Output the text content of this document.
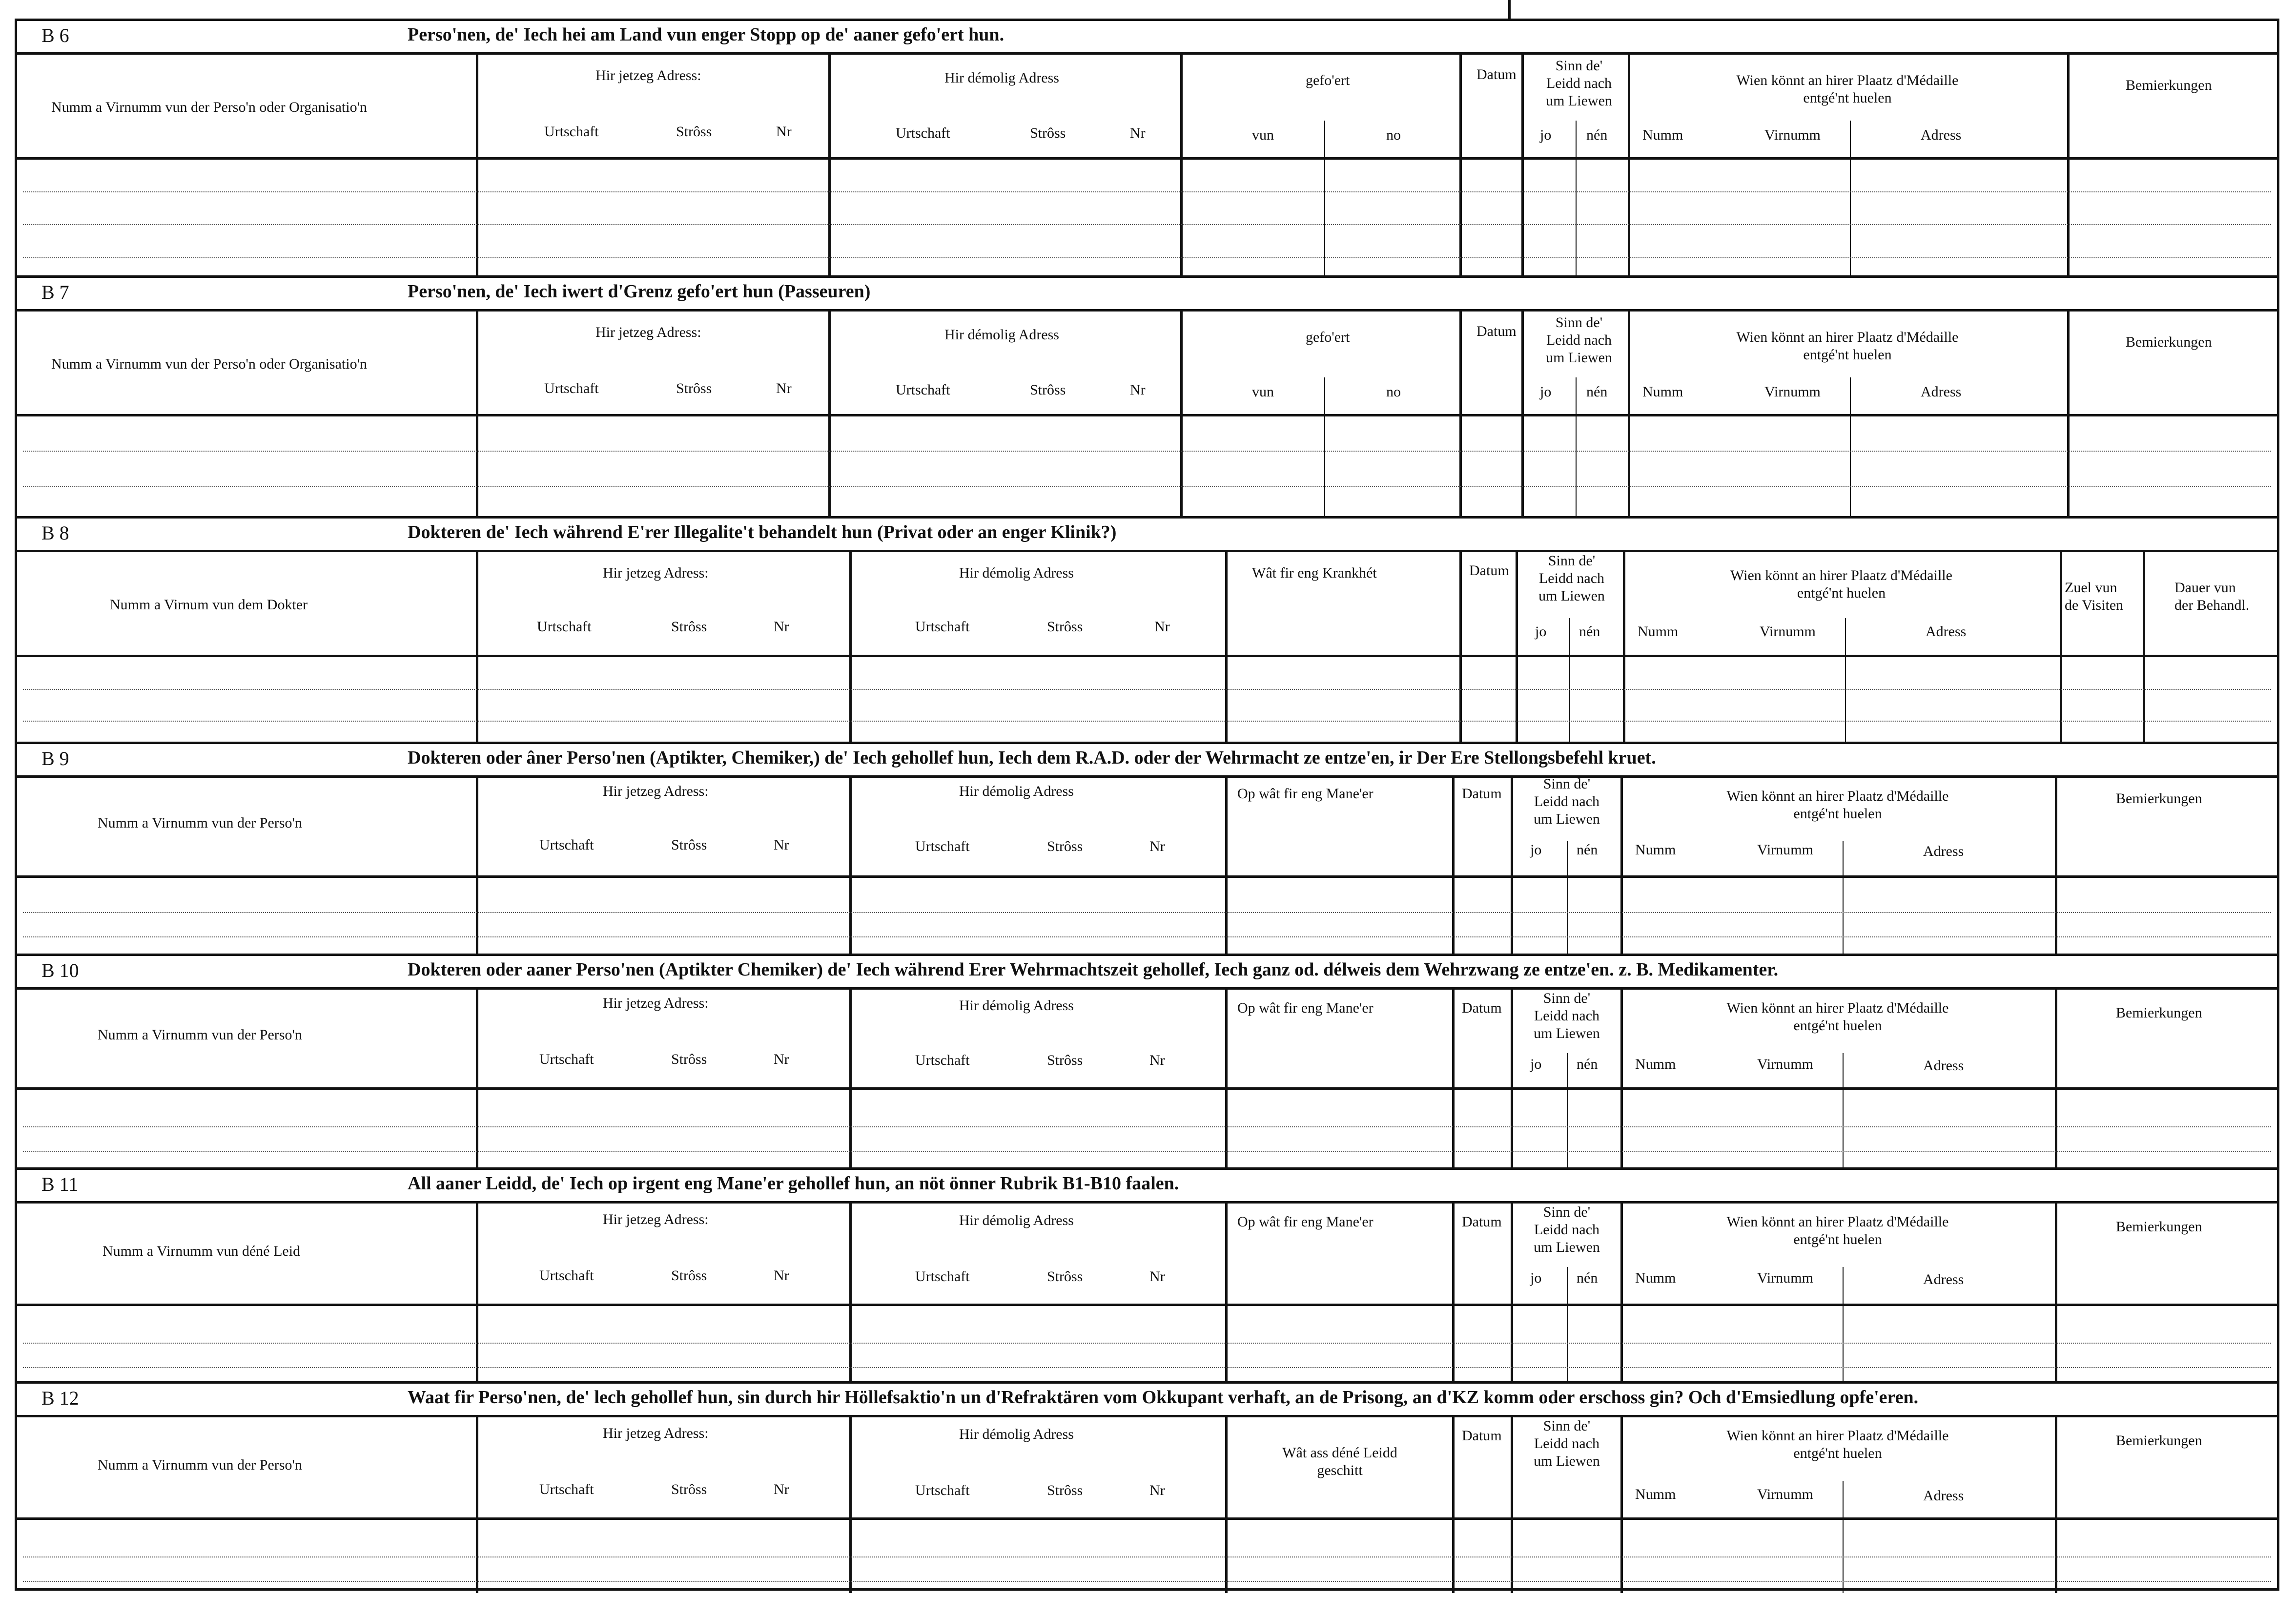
B 6	Perso'nen, de' Iech hei am Land vun enger Stopp op de' aaner gefo'ert hun.
Numm a Virnumm vun der Perso'n oder Organisatio'n
Hir jetzeg Adress:
Urtschaft	Strôss	Nr
Hir démolig Adress
Urtschaft	Strôss	Nr
gefo'ert
vun	no
Datum
Sinn de'
Leidd nach
um Liewen
jo nén
Wien könnt an hirer Plaatz d'Médaille
entgé'nt huelen
Numm	Virnumm	Adress
Bemierkungen
B 7	Perso'nen, de' Iech iwert d'Grenz gefo'ert hun (Passeuren)
Numm a Virnumm vun der Perso'n oder Organisatio'n
Hir jetzeg Adress:
Urtschaft	Strôss	Nr
Hir démolig Adress
Urtschaft	Strôss	Nr
gefo'ert
vun	no
Datum
Sinn de'
Leidd nach
um Liewen
jo nén
Wien könnt an hirer Plaatz d'Médaille
entgé'nt huelen
Numm	Virnumm	Adress
Bemierkungen
B 8	Dokteren de' Iech während E'rer Illegalite't behandelt hun (Privat oder an enger Klinik?)
Numm a Virnum vun dem Dokter
Hir jetzeg Adress:
Urtschaft	Strôss	Nr
Hir démolig Adress
Urtschaft	Strôss	Nr
Wât fir eng Krankhét	Datum
Sinn de'
Leidd nach
um Liewen
jo nén
Wien könnt an hirer Plaatz d'Médaille
entgé'nt huelen
Numm	Virnumm	Adress
Zuel vun
de Visiten
Dauer vun
der Behandl.
B 9	Dokteren oder âner Perso'nen (Aptikter, Chemiker,) de' Iech gehollef hun, Iech dem R.A.D. oder der Wehrmacht ze entze'en, ir Der Ere Stellongsbefehl kruet.
Numm a Virnumm vun der Perso'n
Hir jetzeg Adress:
Urtschaft	Strôss	Nr
Hir démolig Adress
Urtschaft	Strôss	Nr
Op wât fir eng Mane'er	Datum
Sinn de'
Leidd nach
um Liewen
jo nén
Wien könnt an hirer Plaatz d'Médaille
entgé'nt huelen
Numm	Virnumm	Adress
Bemierkungen
B 10	Dokteren oder aaner Perso'nen (Aptikter Chemiker) de' Iech während Erer Wehrmachtszeit gehollef, Iech ganz od. délweis dem Wehrzwang ze entze'en. z. B. Medikamenter.
Numm a Virnumm vun der Perso'n
Hir jetzeg Adress:
Urtschaft	Strôss	Nr
Hir démolig Adress
Urtschaft	Strôss	Nr
Op wât fir eng Mane'er	Datum
Sinn de'
Leidd nach
um Liewen
jo nén
Wien könnt an hirer Plaatz d'Médaille
entgé'nt huelen
Numm	Virnumm	Adress
Bemierkungen
B 11	All aaner Leidd, de' Iech op irgent eng Mane'er gehollef hun, an nöt önner Rubrik B1-B10 faalen.
Numm a Virnumm vun déné Leid
Hir jetzeg Adress:
Urtschaft	Strôss	Nr
Hir démolig Adress
Urtschaft	Strôss	Nr
Op wât fir eng Mane'er	Datum
Sinn de'
Leidd nach
um Liewen
jo nén
Wien könnt an hirer Plaatz d'Médaille
entgé'nt huelen
Numm	Virnumm	Adress
Bemierkungen
B 12	Waat fir Perso'nen, de' lech gehollef hun, sin durch hir Höllefsaktio'n un d'Refraktären vom Okkupant verhaft, an de Prisong, an d'KZ komm oder erschoss gin? Och d'Emsiedlung opfe'eren.
Numm a Virnumm vun der Perso'n
Hir jetzeg Adress:
Urtschaft	Strôss	Nr
Hir démolig Adress
Urtschaft	Strôss	Nr
Wât ass déné Leidd
geschitt
Datum
Sinn de'
Leidd nach
um Liewen
Wien könnt an hirer Plaatz d'Médaille
entgé'nt huelen
Numm	Virnumm	Adress
Bemierkungen
